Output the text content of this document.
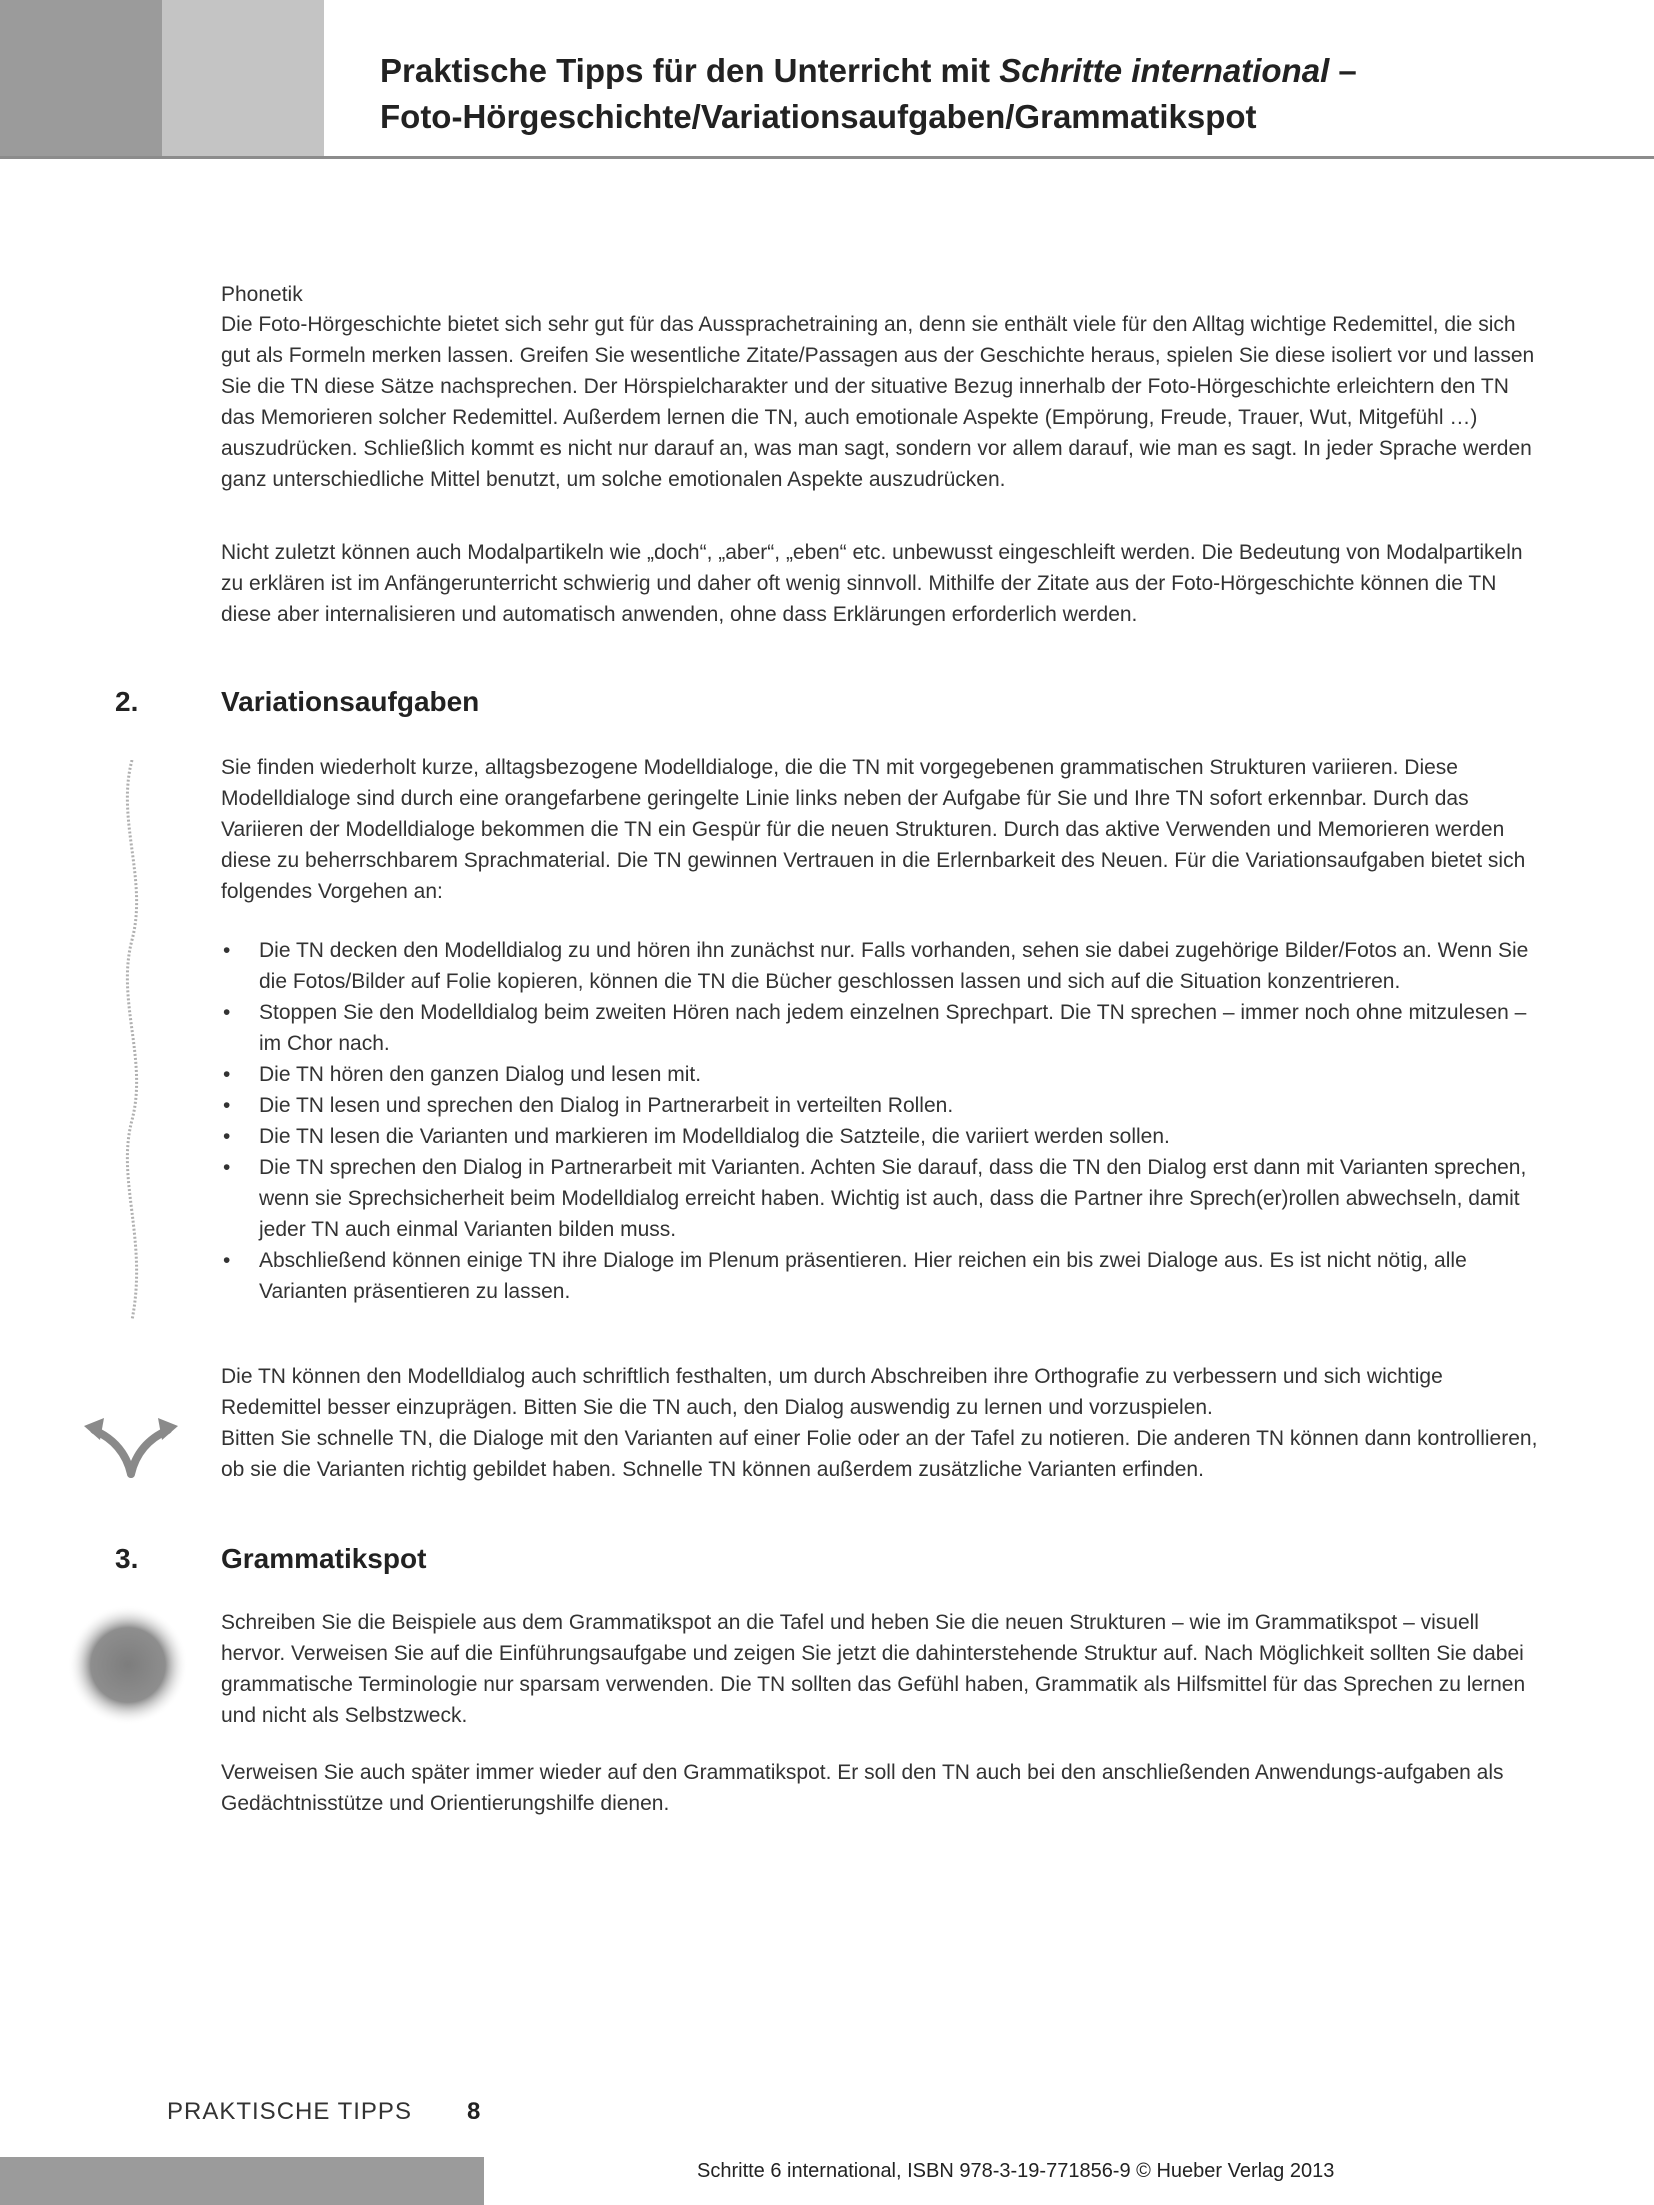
Praktische Tipps für den Unterricht mit Schritte international –
Foto-Hörgeschichte/Variationsaufgaben/Grammatikspot
Phonetik
Die Foto-Hörgeschichte bietet sich sehr gut für das Aussprachetraining an, denn sie enthält viele für den Alltag wichtige Redemittel, die sich gut als Formeln merken lassen. Greifen Sie wesentliche Zitate/Passagen aus der Geschichte heraus, spielen Sie diese isoliert vor und lassen Sie die TN diese Sätze nachsprechen. Der Hörspielcharakter und der situative Bezug innerhalb der Foto-Hörgeschichte erleichtern den TN das Memorieren solcher Redemittel. Außerdem lernen die TN, auch emotionale Aspekte (Empörung, Freude, Trauer, Wut, Mitgefühl …) auszudrücken. Schließlich kommt es nicht nur darauf an, was man sagt, sondern vor allem darauf, wie man es sagt. In jeder Sprache werden ganz unterschiedliche Mittel benutzt, um solche emotionalen Aspekte auszudrücken.
Nicht zuletzt können auch Modalpartikeln wie „doch“, „aber“, „eben“ etc. unbewusst eingeschleift werden. Die Bedeutung von Modalpartikeln zu erklären ist im Anfängerunterricht schwierig und daher oft wenig sinnvoll. Mithilfe der Zitate aus der Foto-Hörgeschichte können die TN diese aber internalisieren und automatisch anwenden, ohne dass Erklärungen erforderlich werden.
2.	Variationsaufgaben
Sie finden wiederholt kurze, alltagsbezogene Modelldialoge, die die TN mit vorgegebenen grammatischen Strukturen variieren. Diese Modelldialoge sind durch eine orangefarbene geringelte Linie links neben der Aufgabe für Sie und Ihre TN sofort erkennbar. Durch das Variieren der Modelldialoge bekommen die TN ein Gespür für die neuen Strukturen. Durch das aktive Verwenden und Memorieren werden diese zu beherrschbarem Sprachmaterial. Die TN gewinnen Vertrauen in die Erlernbarkeit des Neuen. Für die Variationsaufgaben bietet sich folgendes Vorgehen an:
• Die TN decken den Modelldialog zu und hören ihn zunächst nur. Falls vorhanden, sehen sie dabei zugehörige Bilder/Fotos an. Wenn Sie die Fotos/Bilder auf Folie kopieren, können die TN die Bücher geschlossen lassen und sich auf die Situation konzentrieren.
• Stoppen Sie den Modelldialog beim zweiten Hören nach jedem einzelnen Sprechpart. Die TN sprechen – immer noch ohne mitzulesen – im Chor nach.
• Die TN hören den ganzen Dialog und lesen mit.
• Die TN lesen und sprechen den Dialog in Partnerarbeit in verteilten Rollen.
• Die TN lesen die Varianten und markieren im Modelldialog die Satzteile, die variiert werden sollen.
• Die TN sprechen den Dialog in Partnerarbeit mit Varianten. Achten Sie darauf, dass die TN den Dialog erst dann mit Varianten sprechen, wenn sie Sprechsicherheit beim Modelldialog erreicht haben. Wichtig ist auch, dass die Partner ihre Sprech(er)rollen abwechseln, damit jeder TN auch einmal Varianten bilden muss.
• Abschließend können einige TN ihre Dialoge im Plenum präsentieren. Hier reichen ein bis zwei Dialoge aus. Es ist nicht nötig, alle Varianten präsentieren zu lassen.
Die TN können den Modelldialog auch schriftlich festhalten, um durch Abschreiben ihre Orthografie zu verbessern und sich wichtige Redemittel besser einzuprägen. Bitten Sie die TN auch, den Dialog auswendig zu lernen und vorzuspielen.
Bitten Sie schnelle TN, die Dialoge mit den Varianten auf einer Folie oder an der Tafel zu notieren. Die anderen TN können dann kontrollieren, ob sie die Varianten richtig gebildet haben. Schnelle TN können außerdem zusätzliche Varianten erfinden.
3.	Grammatikspot
Schreiben Sie die Beispiele aus dem Grammatikspot an die Tafel und heben Sie die neuen Strukturen – wie im Grammatikspot – visuell hervor. Verweisen Sie auf die Einführungsaufgabe und zeigen Sie jetzt die dahinterstehende Struktur auf. Nach Möglichkeit sollten Sie dabei grammatische Terminologie nur sparsam verwenden. Die TN sollten das Gefühl haben, Grammatik als Hilfsmittel für das Sprechen zu lernen und nicht als Selbstzweck.
Verweisen Sie auch später immer wieder auf den Grammatikspot. Er soll den TN auch bei den anschließenden Anwendungs-aufgaben als Gedächtnisstütze und Orientierungshilfe dienen.
PRAKTISCHE TIPPS 8
Schritte 6 international, ISBN 978-3-19-771856-9 © Hueber Verlag 2013
